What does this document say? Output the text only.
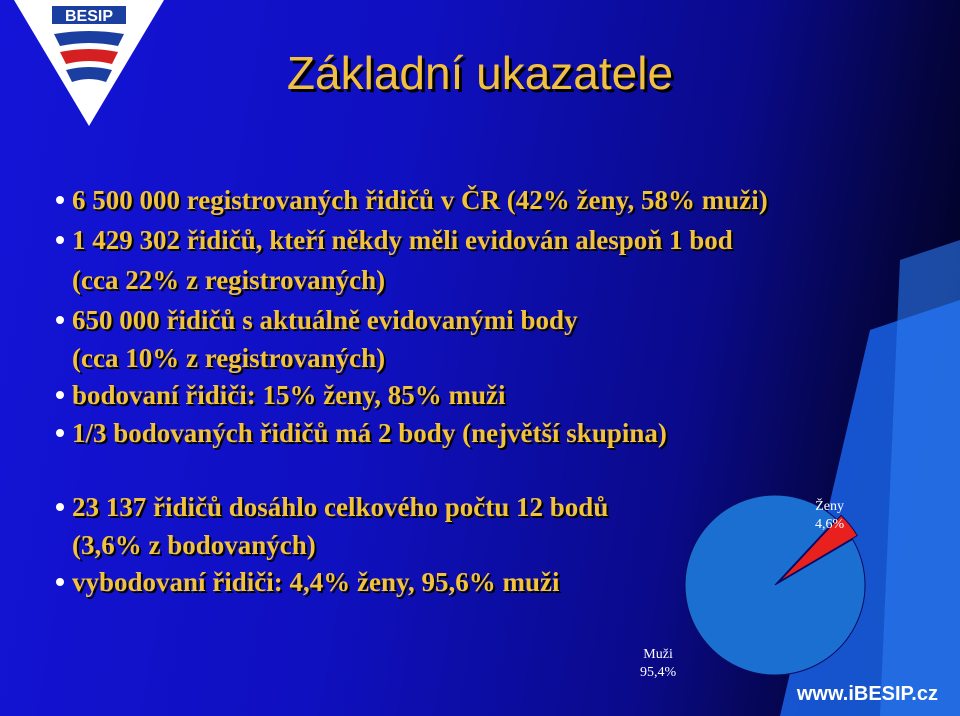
BESIP
Základní ukazatele
6 500 000 registrovaných řidičů v ČR (42% ženy, 58% muži)
1 429 302 řidičů, kteří někdy měli evidován alespoň 1 bod
(cca 22% z registrovaných)
650 000 řidičů s aktuálně evidovanými body
(cca 10% z registrovaných)
bodovaní řidiči: 15% ženy, 85% muži
1/3 bodovaných řidičů má 2 body (největší skupina)
23 137 řidičů dosáhlo celkového počtu 12 bodů
(3,6% z bodovaných)
vybodovaní řidiči: 4,4% ženy, 95,6% muži
Ženy
4,6%
Muži
95,4%
www.iBESIP.cz
